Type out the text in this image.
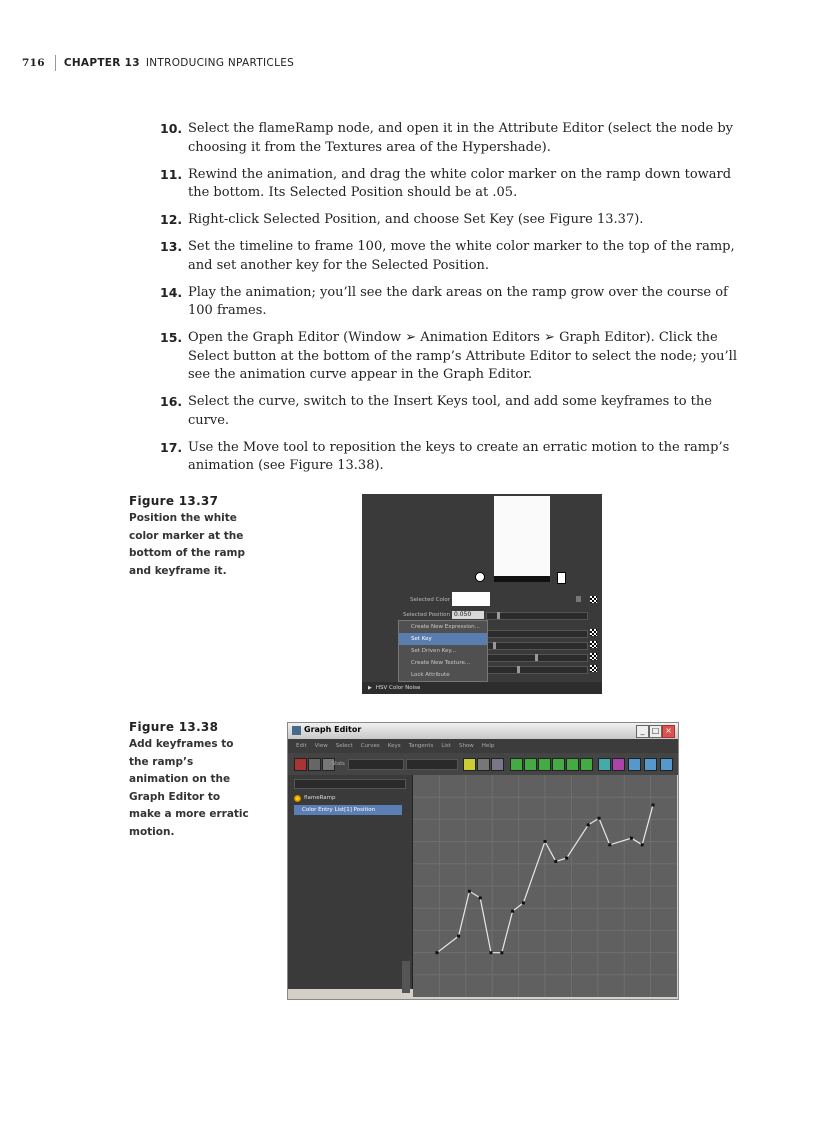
716 CHAPTER 13 INTRODUCING NPARTICLES
10. Select the flameRamp node, and open it in the Attribute Editor (select the node by choosing it from the Textures area of the Hypershade).
11. Rewind the animation, and drag the white color marker on the ramp down toward the bottom. Its Selected Position should be at .05.
12. Right-click Selected Position, and choose Set Key (see Figure 13.37).
13. Set the timeline to frame 100, move the white color marker to the top of the ramp, and set another key for the Selected Position.
14. Play the animation; you’ll see the dark areas on the ramp grow over the course of 100 frames.
15. Open the Graph Editor (Window ➢ Animation Editors ➢ Graph Editor). Click the Select button at the bottom of the ramp’s Attribute Editor to select the node; you’ll see the animation curve appear in the Graph Editor.
16. Select the curve, switch to the Insert Keys tool, and add some keyframes to the curve.
17. Use the Move tool to reposition the keys to create an erratic motion to the ramp’s animation (see Figure 13.38).
Figure 13.37
Position the white color marker at the bottom of the ramp and keyframe it.
Selected Color
Selected Position 0.050
Create New Expression...
Set Key
Set Driven Key...
Create New Texture...
Lock Attribute
▶ HSV Color Noise
Figure 13.38
Add keyframes to the ramp’s animation on the Graph Editor to make a more erratic motion.
Graph Editor	_ □ ×
Edit View Select Curves Keys Tangents List Show Help
Stats
flameRamp
Color Entry List[1] Position
